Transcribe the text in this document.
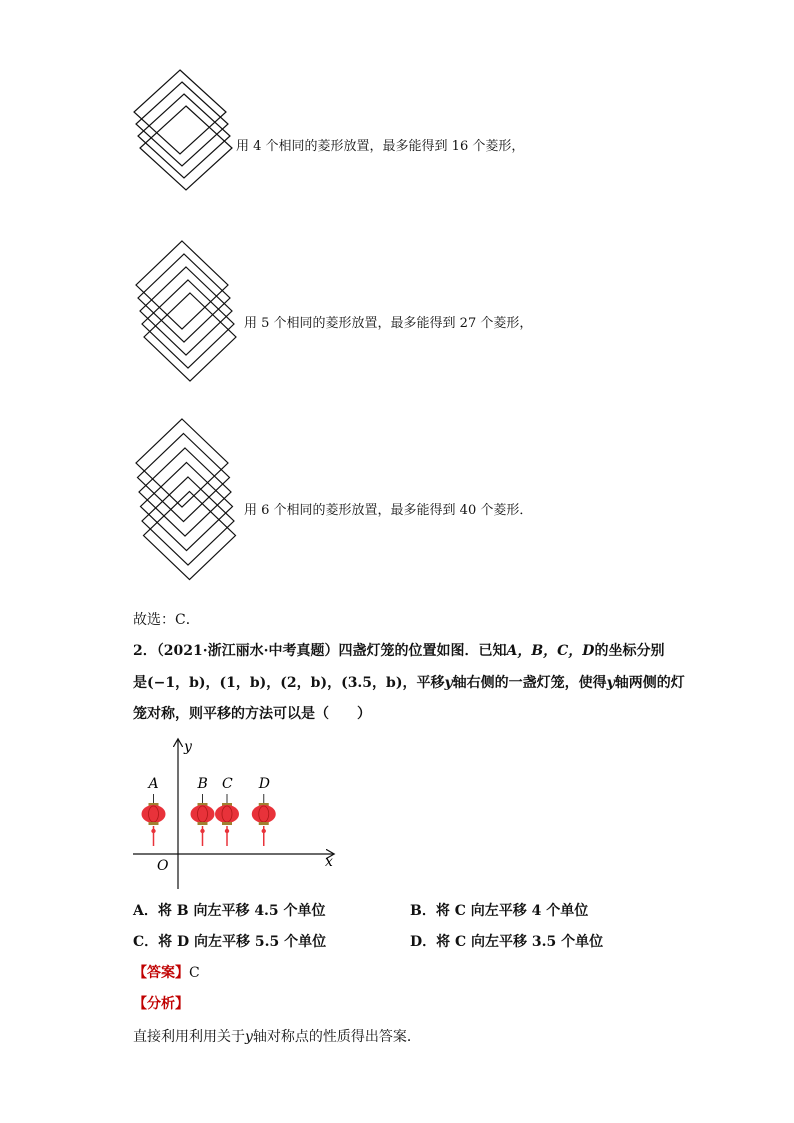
用 4 个相同的菱形放置，最多能得到 16 个菱形，
用 5 个相同的菱形放置，最多能得到 27 个菱形，
用 6 个相同的菱形放置，最多能得到 40 个菱形．
故选：C．
2．（2021·浙江丽水·中考真题）四盏灯笼的位置如图．已知A，B，C，D的坐标分别
是(−1，b)，(1，b)，(2，b)，(3.5，b)，平移y轴右侧的一盏灯笼，使得y轴两侧的灯
笼对称，则平移的方法可以是（　　）
y
x
O
A	B C D
A．将 B 向左平移 4.5 个单位	B．将 C 向左平移 4 个单位
C．将 D 向左平移 5.5 个单位	D．将 C 向左平移 3.5 个单位
【答案】C
【分析】
直接利用利用关于y轴对称点的性质得出答案．
